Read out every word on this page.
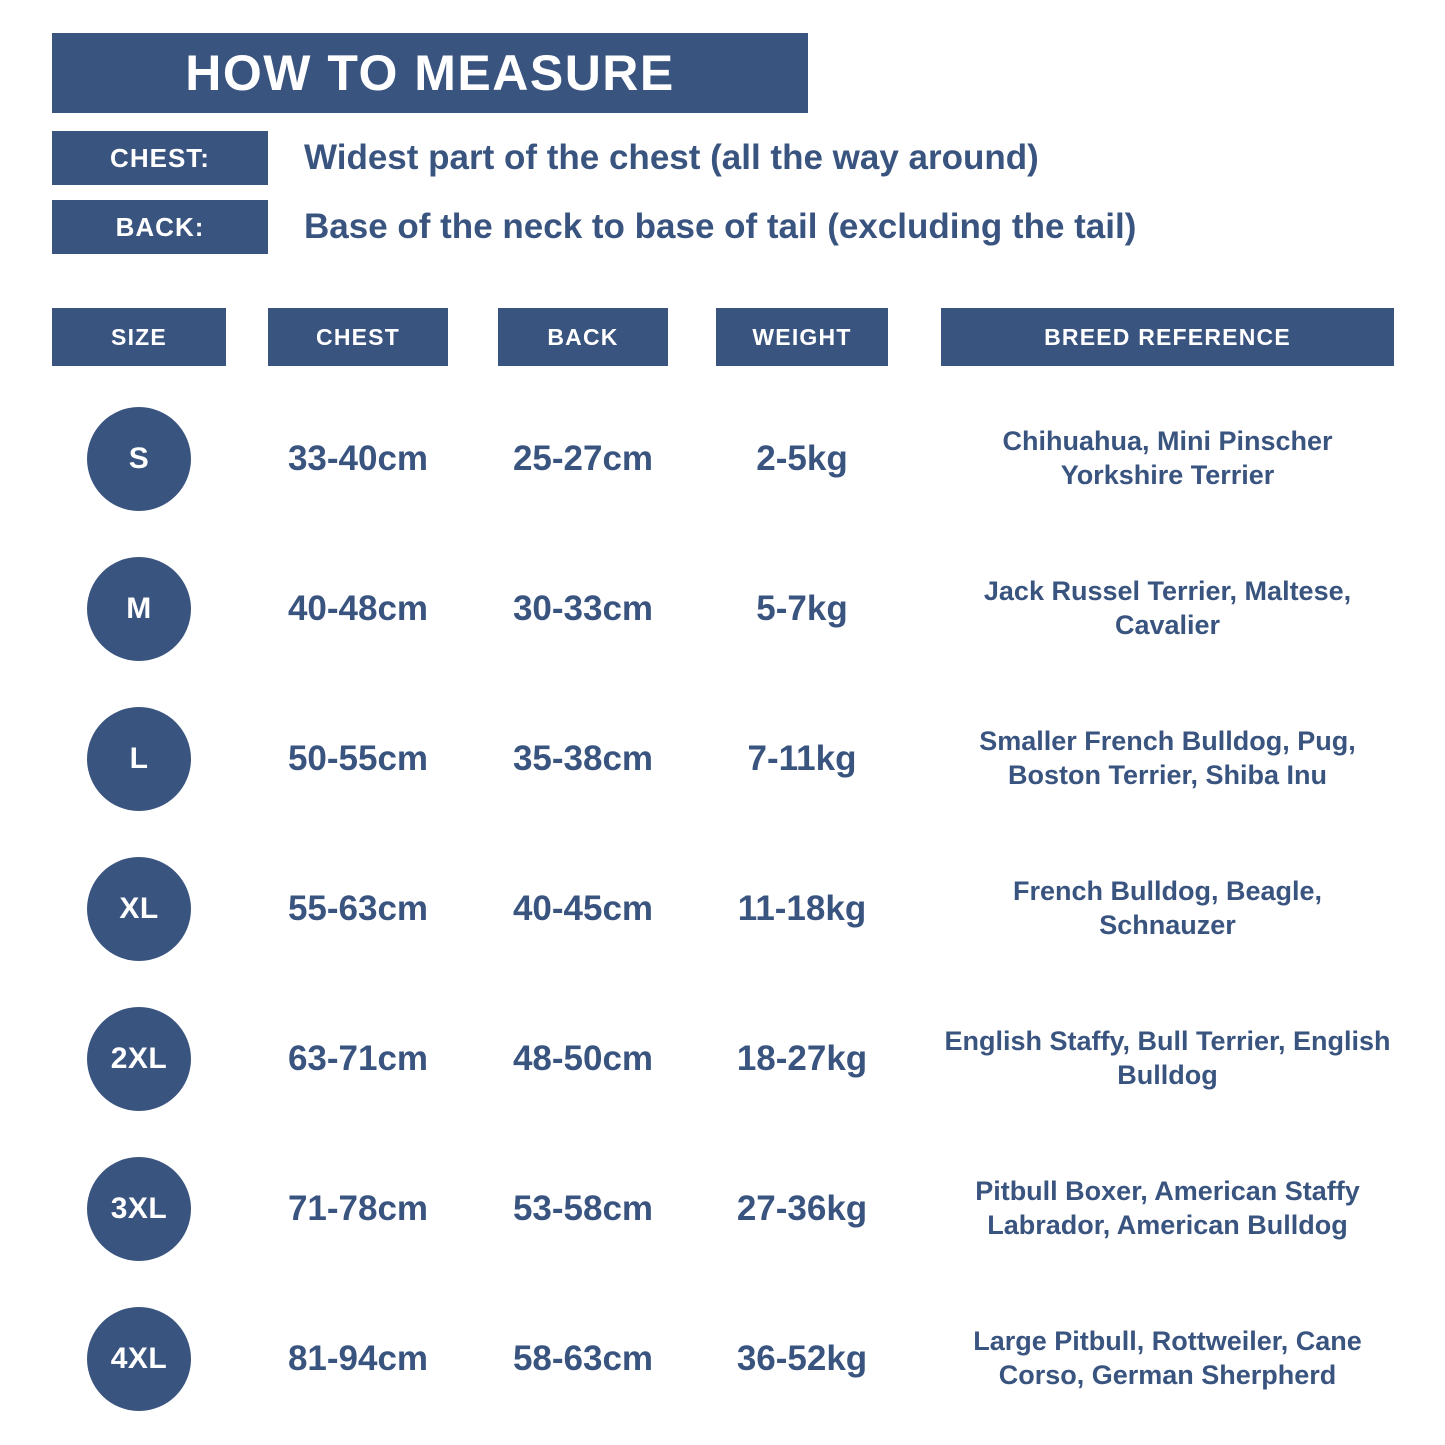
HOW TO MEASURE
CHEST:	Widest part of the chest (all the way around)
BACK:	Base of the neck to base of tail (excluding the tail)
SIZE	CHEST	BACK	WEIGHT	BREED REFERENCE
S	33-40cm	25-27cm	2-5kg	Chihuahua, Mini Pinscher Yorkshire Terrier
M	40-48cm	30-33cm	5-7kg	Jack Russel Terrier, Maltese, Cavalier
L	50-55cm	35-38cm	7-11kg	Smaller French Bulldog, Pug, Boston Terrier, Shiba Inu
XL	55-63cm	40-45cm	11-18kg	French Bulldog, Beagle, Schnauzer
2XL	63-71cm	48-50cm	18-27kg	English Staffy, Bull Terrier, English Bulldog
3XL	71-78cm	53-58cm	27-36kg	Pitbull Boxer, American Staffy Labrador, American Bulldog
4XL	81-94cm	58-63cm	36-52kg	Large Pitbull, Rottweiler, Cane Corso, German Sherpherd
